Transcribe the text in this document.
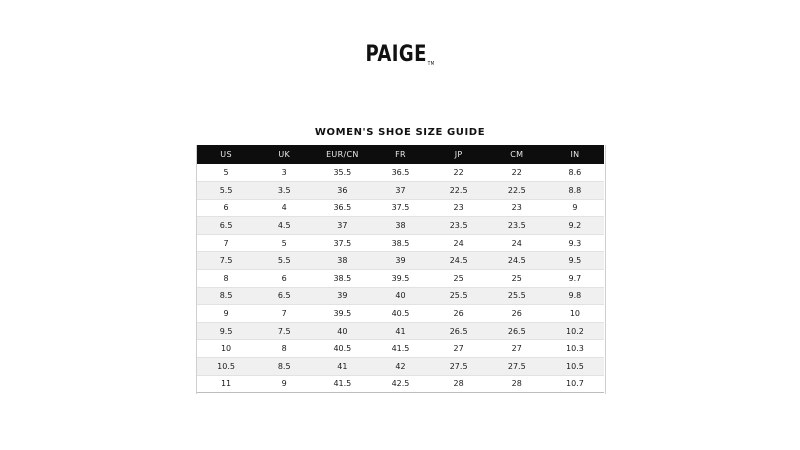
PAIGETM
WOMEN'S SHOE SIZE GUIDE
US	UK	EUR/CN	FR	JP	CM	IN
5	3	35.5	36.5	22	22	8.6
5.5	3.5	36	37	22.5	22.5	8.8
6	4	36.5	37.5	23	23	9
6.5	4.5	37	38	23.5	23.5	9.2
7	5	37.5	38.5	24	24	9.3
7.5	5.5	38	39	24.5	24.5	9.5
8	6	38.5	39.5	25	25	9.7
8.5	6.5	39	40	25.5	25.5	9.8
9	7	39.5	40.5	26	26	10
9.5	7.5	40	41	26.5	26.5	10.2
10	8	40.5	41.5	27	27	10.3
10.5	8.5	41	42	27.5	27.5	10.5
11	9	41.5	42.5	28	28	10.7
